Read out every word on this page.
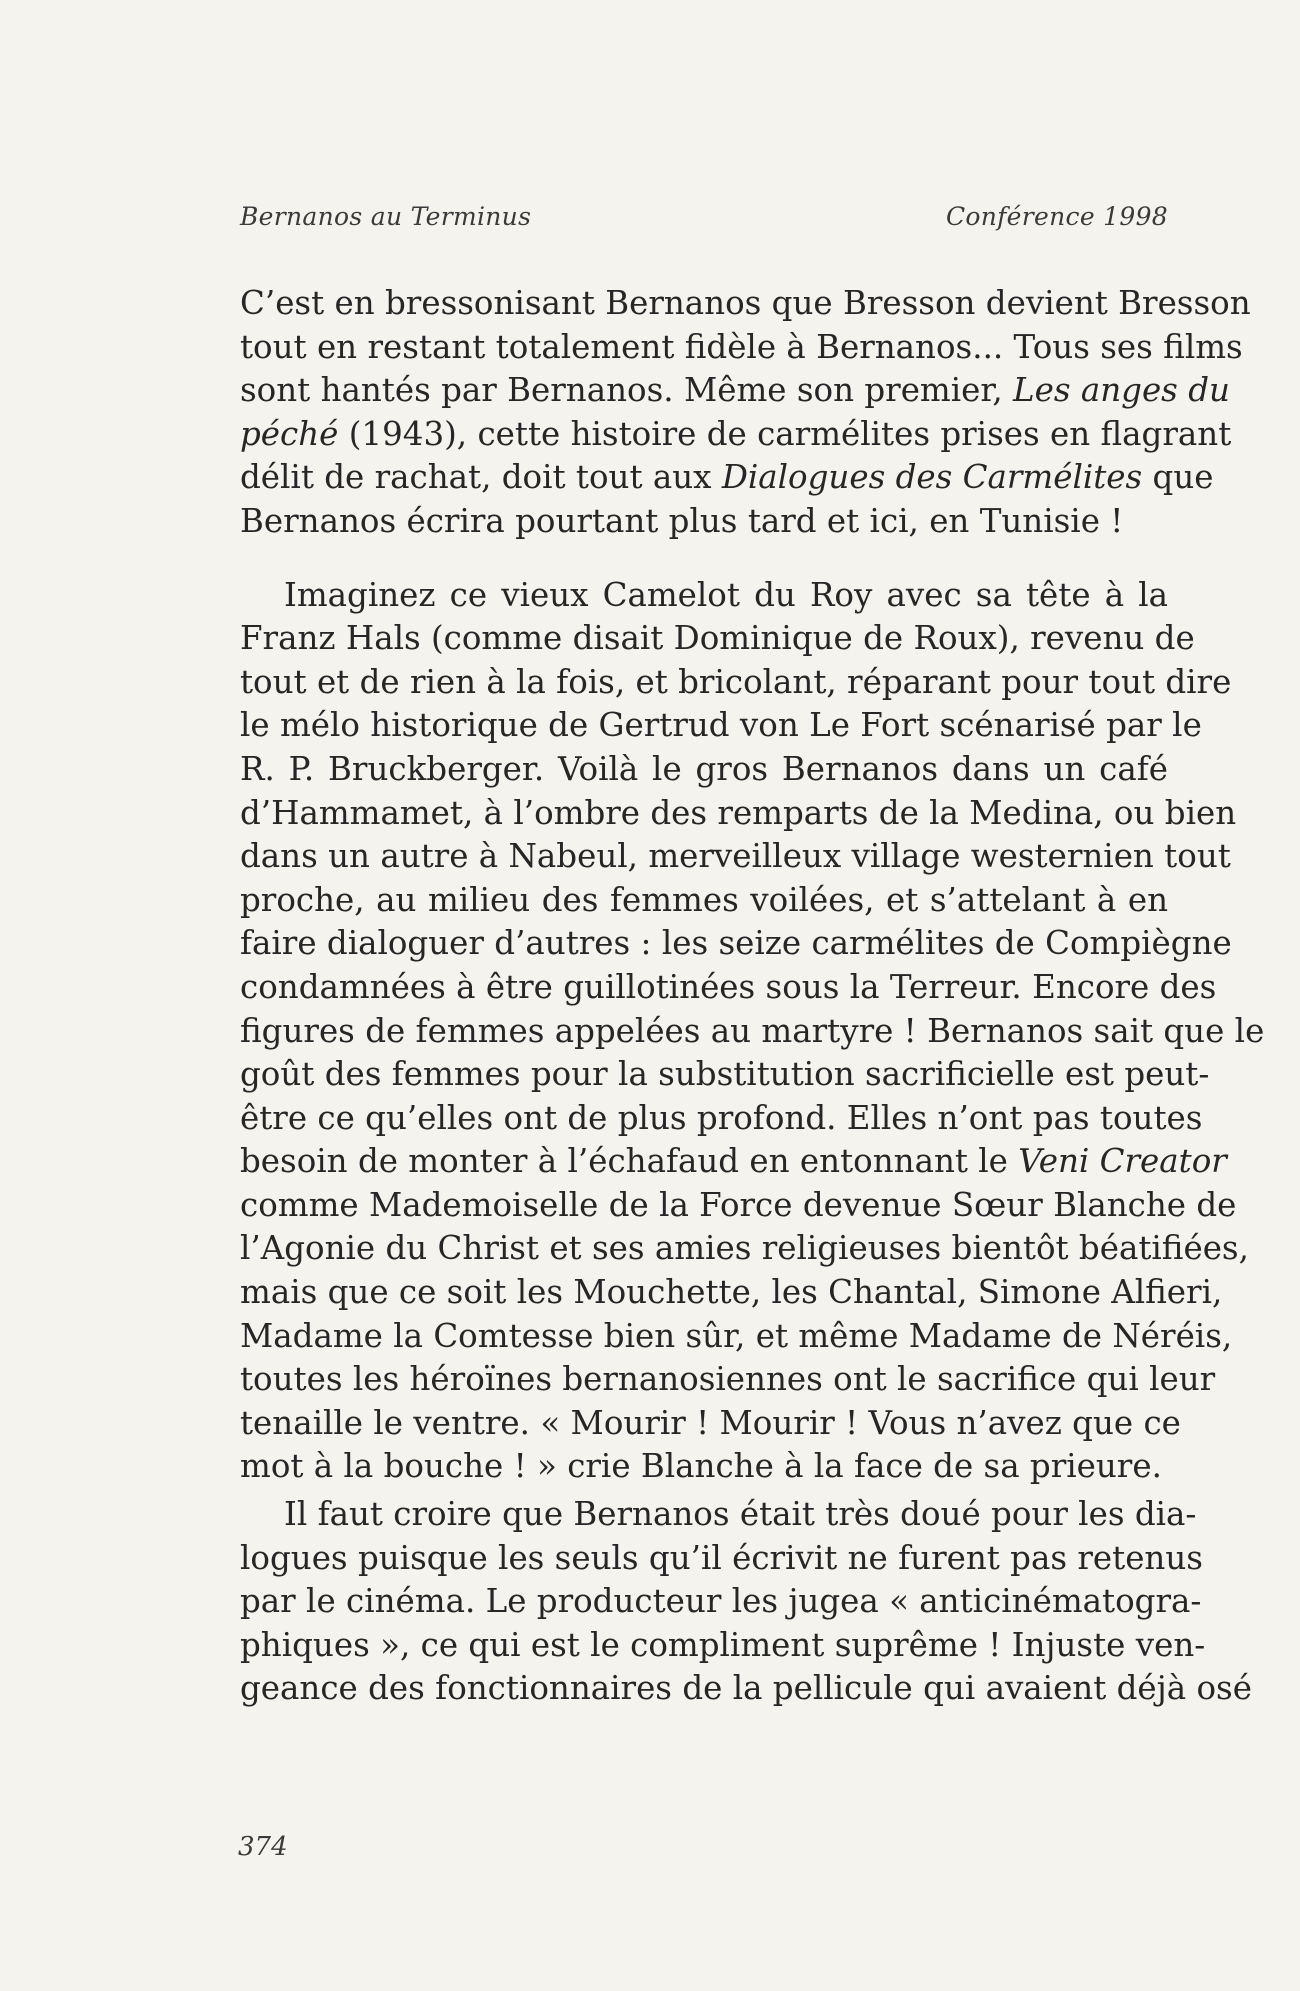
Bernanos au Terminus	Conférence 1998
C’est en bressonisant Bernanos que Bresson devient Bresson
tout en restant totalement fidèle à Bernanos... Tous ses films
sont hantés par Bernanos. Même son premier, Les anges du
péché (1943), cette histoire de carmélites prises en flagrant
délit de rachat, doit tout aux Dialogues des Carmélites que
Bernanos écrira pourtant plus tard et ici, en Tunisie !
Imaginez ce vieux Camelot du Roy avec sa tête à la
Franz Hals (comme disait Dominique de Roux), revenu de
tout et de rien à la fois, et bricolant, réparant pour tout dire
le mélo historique de Gertrud von Le Fort scénarisé par le
R. P. Bruckberger. Voilà le gros Bernanos dans un café
d’Hammamet, à l’ombre des remparts de la Medina, ou bien
dans un autre à Nabeul, merveilleux village westernien tout
proche, au milieu des femmes voilées, et s’attelant à en
faire dialoguer d’autres : les seize carmélites de Compiègne
condamnées à être guillotinées sous la Terreur. Encore des
figures de femmes appelées au martyre ! Bernanos sait que le
goût des femmes pour la substitution sacrificielle est peut-
être ce qu’elles ont de plus profond. Elles n’ont pas toutes
besoin de monter à l’échafaud en entonnant le Veni Creator
comme Mademoiselle de la Force devenue Sœur Blanche de
l’Agonie du Christ et ses amies religieuses bientôt béatifiées,
mais que ce soit les Mouchette, les Chantal, Simone Alfieri,
Madame la Comtesse bien sûr, et même Madame de Néréis,
toutes les héroïnes bernanosiennes ont le sacrifice qui leur
tenaille le ventre. « Mourir ! Mourir ! Vous n’avez que ce
mot à la bouche ! » crie Blanche à la face de sa prieure.
Il faut croire que Bernanos était très doué pour les dia-
logues puisque les seuls qu’il écrivit ne furent pas retenus
par le cinéma. Le producteur les jugea « anticinématogra-
phiques », ce qui est le compliment suprême ! Injuste ven-
geance des fonctionnaires de la pellicule qui avaient déjà osé
374
